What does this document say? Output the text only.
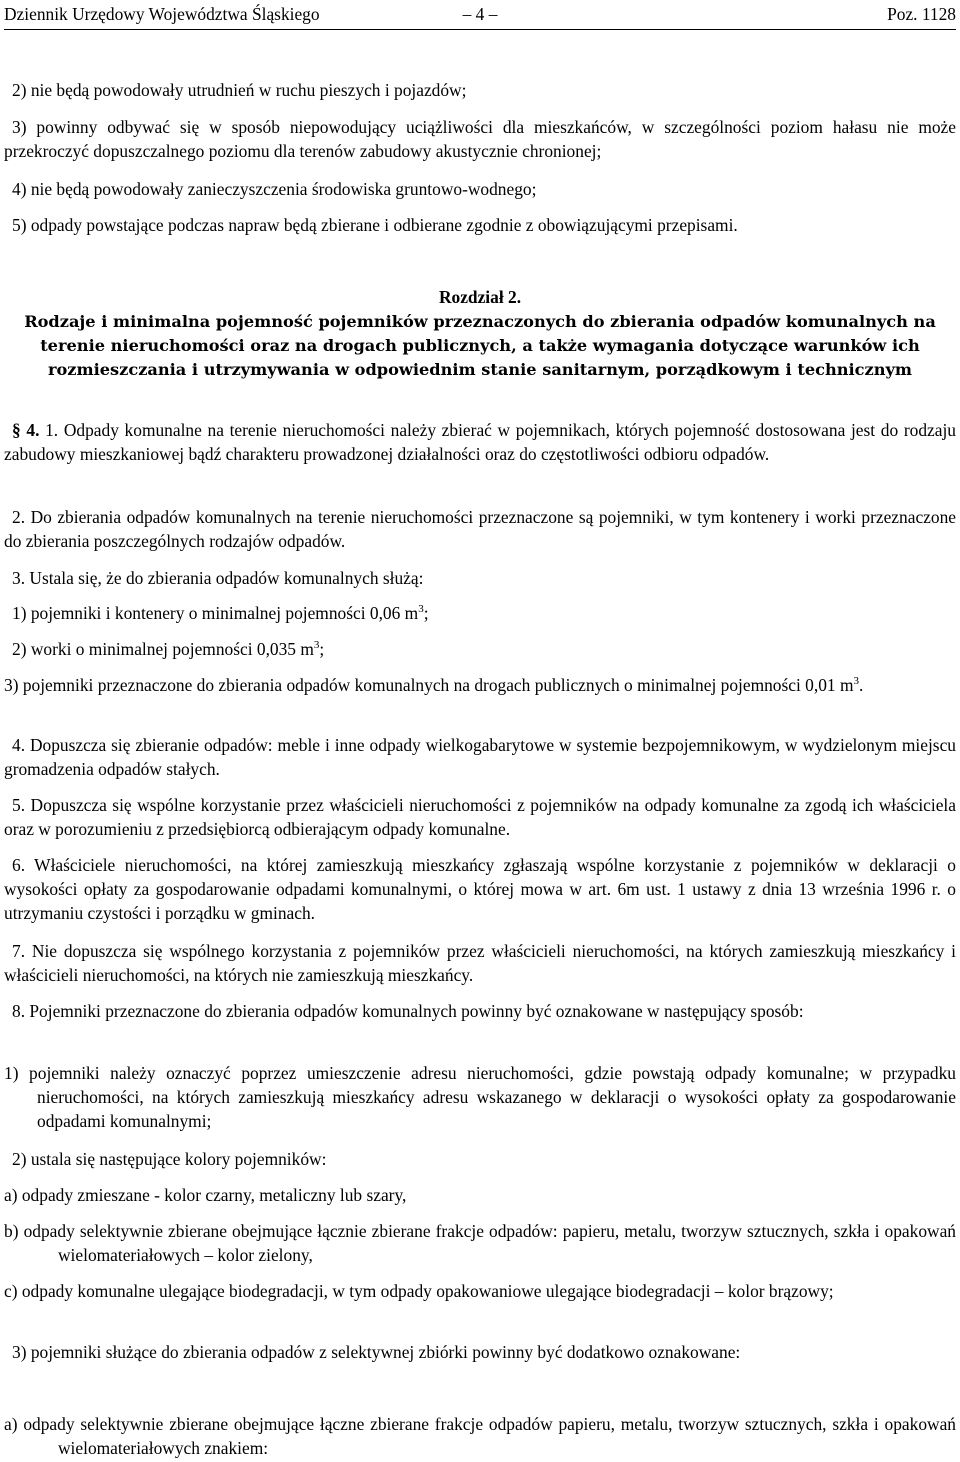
Dziennik Urzędowy Województwa Śląskiego	– 4 –	Poz. 1128

2) nie będą powodowały utrudnień w ruchu pieszych i pojazdów;

3) powinny odbywać się w sposób niepowodujący uciążliwości dla mieszkańców, w szczególności poziom hałasu nie może przekroczyć dopuszczalnego poziomu dla terenów zabudowy akustycznie chronionej;

4) nie będą powodowały zanieczyszczenia środowiska gruntowo-wodnego;

5) odpady powstające podczas napraw będą zbierane i odbierane zgodnie z obowiązującymi przepisami.

Rozdział 2.

Rodzaje i minimalna pojemność pojemników przeznaczonych do zbierania odpadów komunalnych na terenie nieruchomości oraz na drogach publicznych, a także wymagania dotyczące warunków ich rozmieszczania i utrzymywania w odpowiednim stanie sanitarnym, porządkowym i technicznym

§ 4. 1. Odpady komunalne na terenie nieruchomości należy zbierać w pojemnikach, których pojemność dostosowana jest do rodzaju zabudowy mieszkaniowej bądź charakteru prowadzonej działalności oraz do częstotliwości odbioru odpadów.

2. Do zbierania odpadów komunalnych na terenie nieruchomości przeznaczone są pojemniki, w tym kontenery i worki przeznaczone do zbierania poszczególnych rodzajów odpadów.

3. Ustala się, że do zbierania odpadów komunalnych służą:

1) pojemniki i kontenery o minimalnej pojemności 0,06 $m^3$;

2) worki o minimalnej pojemności 0,035 $m^3$;

3) pojemniki przeznaczone do zbierania odpadów komunalnych na drogach publicznych o minimalnej pojemności 0,01 $m^3$.

4. Dopuszcza się zbieranie odpadów: meble i inne odpady wielkogabarytowe w systemie bezpojemnikowym, w wydzielonym miejscu gromadzenia odpadów stałych.

5. Dopuszcza się wspólne korzystanie przez właścicieli nieruchomości z pojemników na odpady komunalne za zgodą ich właściciela oraz w porozumieniu z przedsiębiorcą odbierającym odpady komunalne.

6. Właściciele nieruchomości, na której zamieszkują mieszkańcy zgłaszają wspólne korzystanie z pojemników w deklaracji o wysokości opłaty za gospodarowanie odpadami komunalnymi, o której mowa w art. 6m ust. 1 ustawy z dnia 13 września 1996 r. o utrzymaniu czystości i porządku w gminach.

7. Nie dopuszcza się wspólnego korzystania z pojemników przez właścicieli nieruchomości, na których zamieszkują mieszkańcy i właścicieli nieruchomości, na których nie zamieszkują mieszkańcy.

8. Pojemniki przeznaczone do zbierania odpadów komunalnych powinny być oznakowane w następujący sposób:

1) pojemniki należy oznaczyć poprzez umieszczenie adresu nieruchomości, gdzie powstają odpady komunalne; w przypadku nieruchomości, na których zamieszkują mieszkańcy adresu wskazanego w deklaracji o wysokości opłaty za gospodarowanie odpadami komunalnymi;

2) ustala się następujące kolory pojemników:

a) odpady zmieszane - kolor czarny, metaliczny lub szary,

b) odpady selektywnie zbierane obejmujące łącznie zbierane frakcje odpadów: papieru, metalu, tworzyw sztucznych, szkła i opakowań wielomateriałowych – kolor zielony,

c) odpady komunalne ulegające biodegradacji, w tym odpady opakowaniowe ulegające biodegradacji – kolor brązowy;

3) pojemniki służące do zbierania odpadów z selektywnej zbiórki powinny być dodatkowo oznakowane:

a) odpady selektywnie zbierane obejmujące łączne zbierane frakcje odpadów papieru, metalu, tworzyw sztucznych, szkła i opakowań wielomateriałowych znakiem:
